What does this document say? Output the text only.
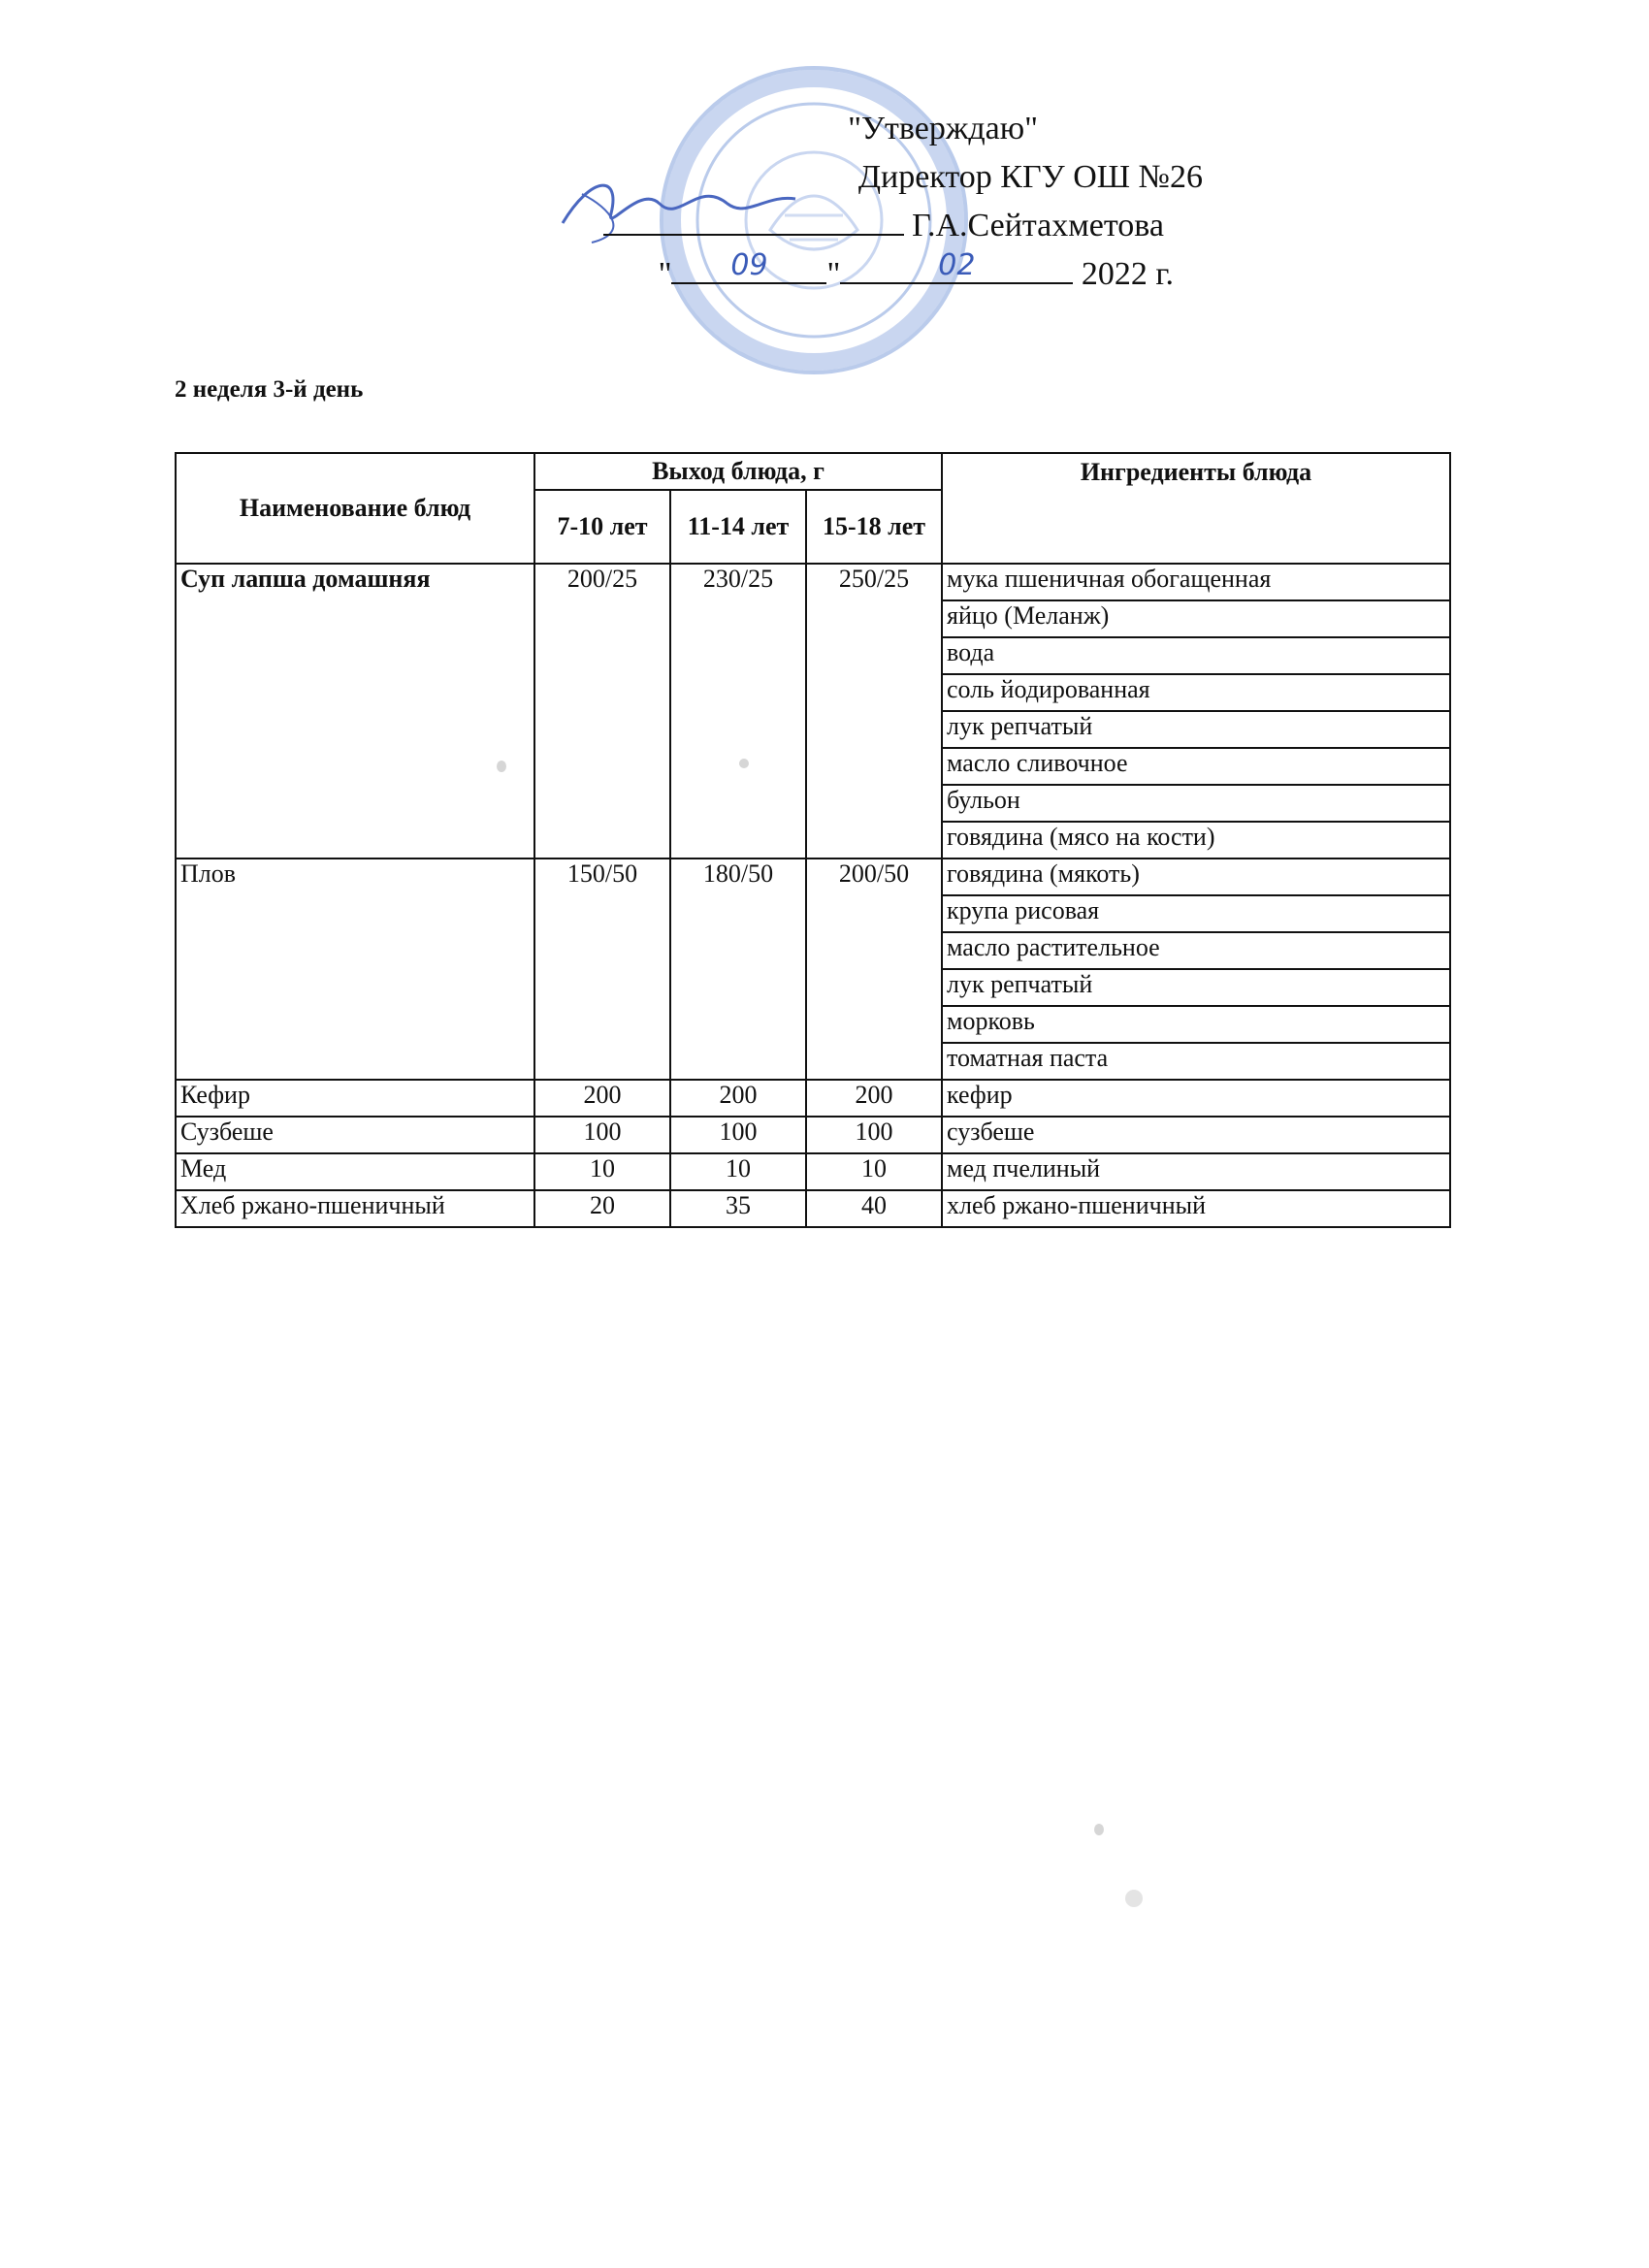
"Утверждаю"
Директор КГУ ОШ №26
Г.А.Сейтахметова
"	09	"	02	2022 г.
2 неделя 3-й день
Наименование блюд	Выход блюда, г			Ингредиенты блюда
	7-10 лет	11-14 лет	15-18 лет	
Суп лапша домашняя	200/25	230/25	250/25	мука пшеничная обогащенная
				яйцо (Меланж)
				вода
				соль йодированная
				лук репчатый
				масло сливочное
				бульон
				говядина (мясо на кости)
Плов	150/50	180/50	200/50	говядина (мякоть)
				крупа рисовая
				масло растительное
				лук репчатый
				морковь
				томатная паста
Кефир	200	200	200	кефир
Сузбеше	100	100	100	сузбеше
Мед	10	10	10	мед пчелиный
Хлеб ржано-пшеничный	20	35	40	хлеб ржано-пшеничный
